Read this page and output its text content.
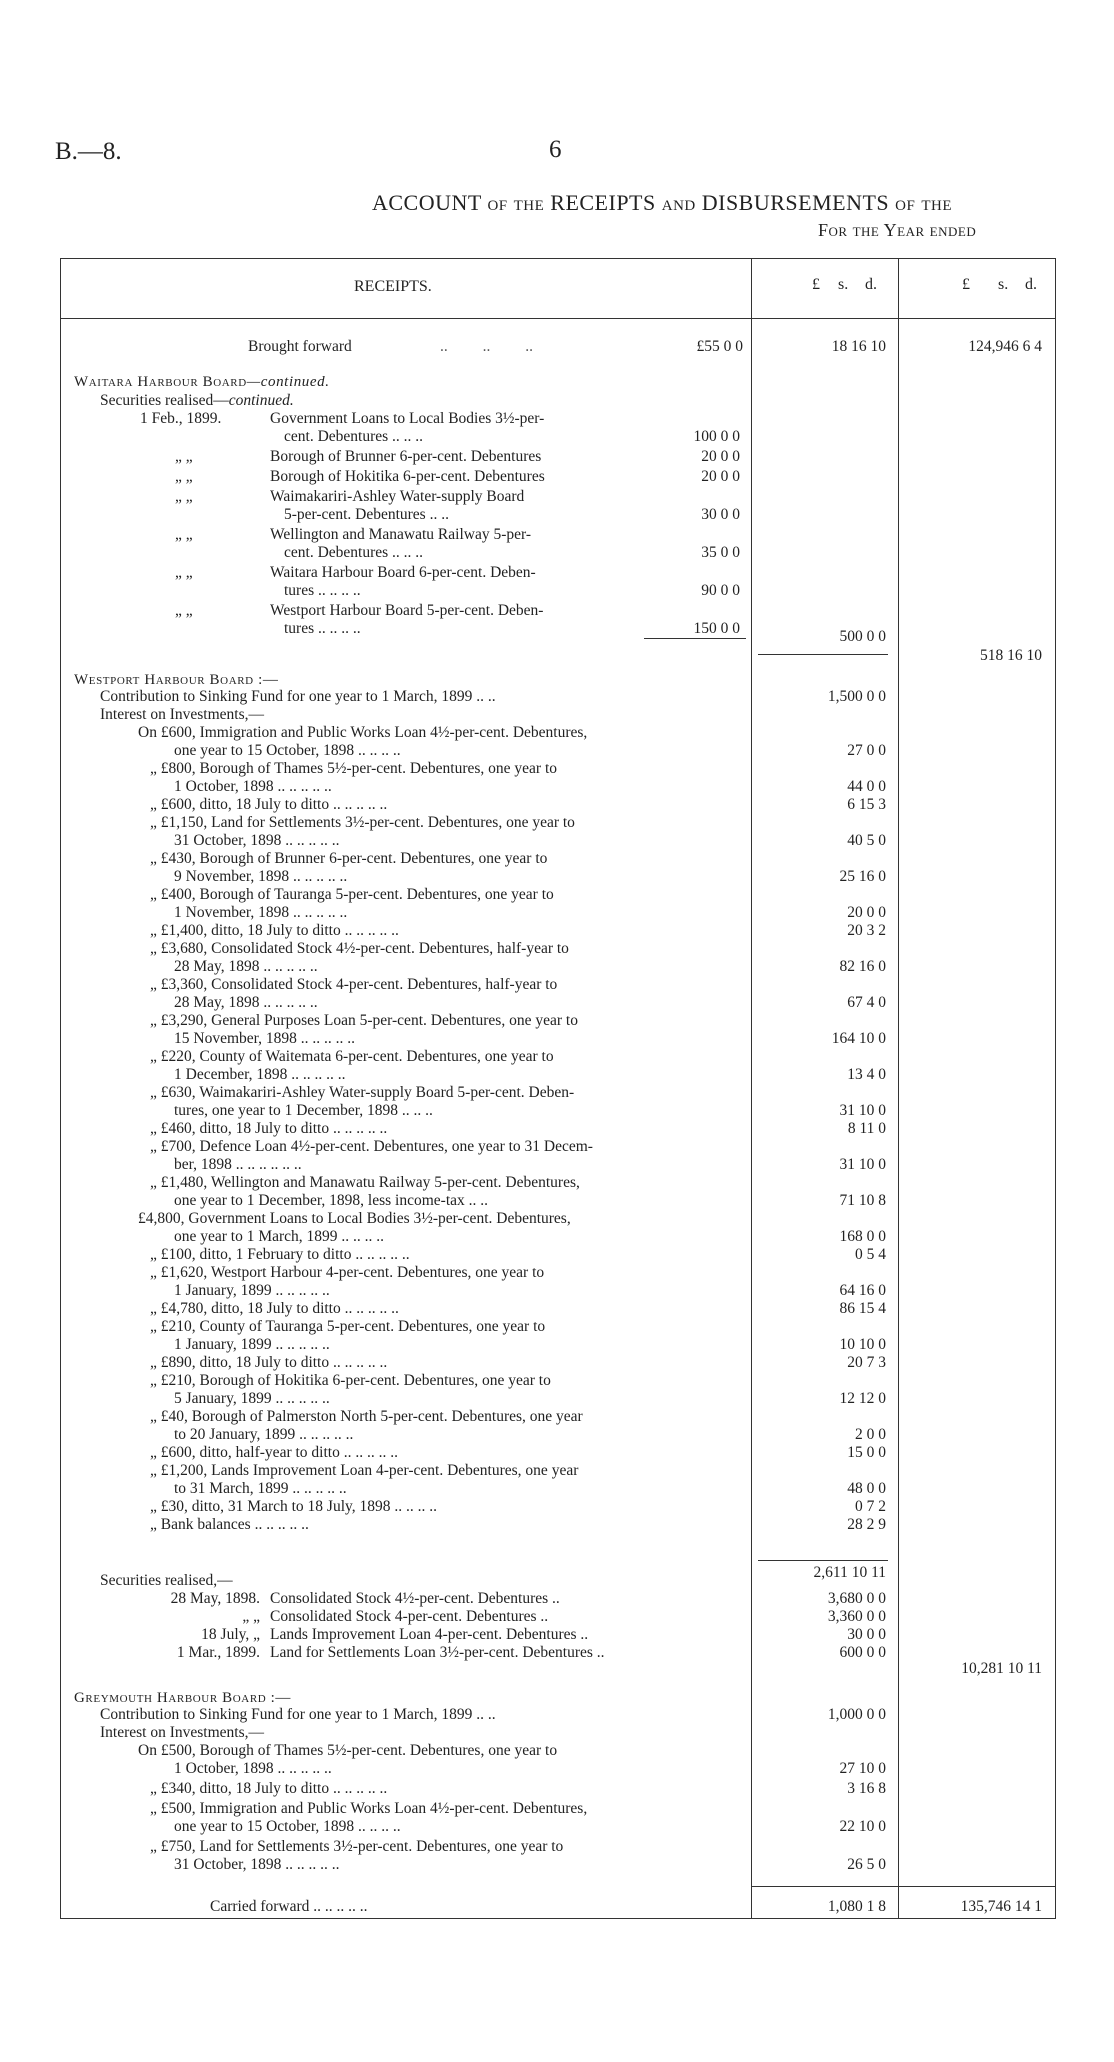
B.—8.	6
ACCOUNT of the RECEIPTS and DISBURSEMENTS of the
For the Year ended
RECEIPTS.	£ s. d.	£ s. d.
Brought forward	..         ..         ..	£55 0 0	18 16 10	124,946 6 4
Waitara Harbour Board—continued.
Securities realised—continued.
1 Feb., 1899.	Government Loans to Local Bodies 3½-per-
cent. Debentures .. .. ..	100 0 0
„ „	Borough of Brunner 6-per-cent. Debentures	20 0 0
„ „	Borough of Hokitika 6-per-cent. Debentures	20 0 0
„ „	Waimakariri-Ashley Water-supply Board
5-per-cent. Debentures .. ..	30 0 0
„ „	Wellington and Manawatu Railway 5-per-
cent. Debentures .. .. ..	35 0 0
„ „	Waitara Harbour Board 6-per-cent. Deben-
tures .. .. .. ..	90 0 0
„ „	Westport Harbour Board 5-per-cent. Deben-
tures .. .. .. ..	150 0 0	500 0 0
518 16 10
Westport Harbour Board :—
Contribution to Sinking Fund for one year to 1 March, 1899 .. ..	1,500 0 0
Interest on Investments,—
On £600, Immigration and Public Works Loan 4½-per-cent. Debentures,
one year to 15 October, 1898 .. .. .. ..	27 0 0
„ £800, Borough of Thames 5½-per-cent. Debentures, one year to
1 October, 1898 .. .. .. .. ..	44 0 0
„ £600, ditto, 18 July to ditto .. .. .. .. ..	6 15 3
„ £1,150, Land for Settlements 3½-per-cent. Debentures, one year to
31 October, 1898 .. .. .. .. ..	40 5 0
„ £430, Borough of Brunner 6-per-cent. Debentures, one year to
9 November, 1898 .. .. .. .. ..	25 16 0
„ £400, Borough of Tauranga 5-per-cent. Debentures, one year to
1 November, 1898 .. .. .. .. ..	20 0 0
„ £1,400, ditto, 18 July to ditto .. .. .. .. ..	20 3 2
„ £3,680, Consolidated Stock 4½-per-cent. Debentures, half-year to
28 May, 1898 .. .. .. .. ..	82 16 0
„ £3,360, Consolidated Stock 4-per-cent. Debentures, half-year to
28 May, 1898 .. .. .. .. ..	67 4 0
„ £3,290, General Purposes Loan 5-per-cent. Debentures, one year to
15 November, 1898 .. .. .. .. ..	164 10 0
„ £220, County of Waitemata 6-per-cent. Debentures, one year to
1 December, 1898 .. .. .. .. ..	13 4 0
„ £630, Waimakariri-Ashley Water-supply Board 5-per-cent. Deben-
tures, one year to 1 December, 1898 .. .. ..	31 10 0
„ £460, ditto, 18 July to ditto .. .. .. .. ..	8 11 0
„ £700, Defence Loan 4½-per-cent. Debentures, one year to 31 Decem-
ber, 1898 .. .. .. .. .. ..	31 10 0
„ £1,480, Wellington and Manawatu Railway 5-per-cent. Debentures,
one year to 1 December, 1898, less income-tax .. ..	71 10 8
£4,800, Government Loans to Local Bodies 3½-per-cent. Debentures,
one year to 1 March, 1899 .. .. .. ..	168 0 0
„ £100, ditto, 1 February to ditto .. .. .. .. ..	0 5 4
„ £1,620, Westport Harbour 4-per-cent. Debentures, one year to
1 January, 1899 .. .. .. .. ..	64 16 0
„ £4,780, ditto, 18 July to ditto .. .. .. .. ..	86 15 4
„ £210, County of Tauranga 5-per-cent. Debentures, one year to
1 January, 1899 .. .. .. .. ..	10 10 0
„ £890, ditto, 18 July to ditto .. .. .. .. ..	20 7 3
„ £210, Borough of Hokitika 6-per-cent. Debentures, one year to
5 January, 1899 .. .. .. .. ..	12 12 0
„ £40, Borough of Palmerston North 5-per-cent. Debentures, one year
to 20 January, 1899 .. .. .. .. ..	2 0 0
„ £600, ditto, half-year to ditto .. .. .. .. ..	15 0 0
„ £1,200, Lands Improvement Loan 4-per-cent. Debentures, one year
to 31 March, 1899 .. .. .. .. ..	48 0 0
„ £30, ditto, 31 March to 18 July, 1898 .. .. .. ..	0 7 2
„ Bank balances .. .. .. .. ..	28 2 9
2,611 10 11
Securities realised,—
28 May, 1898. Consolidated Stock 4½-per-cent. Debentures ..	3,680 0 0
„ „ Consolidated Stock 4-per-cent. Debentures ..	3,360 0 0
18 July, „ Lands Improvement Loan 4-per-cent. Debentures ..	30 0 0
1 Mar., 1899. Land for Settlements Loan 3½-per-cent. Debentures ..	600 0 0
10,281 10 11
Greymouth Harbour Board :—
Contribution to Sinking Fund for one year to 1 March, 1899 .. ..	1,000 0 0
Interest on Investments,—
On £500, Borough of Thames 5½-per-cent. Debentures, one year to
1 October, 1898 .. .. .. .. ..	27 10 0
„ £340, ditto, 18 July to ditto .. .. .. .. ..	3 16 8
„ £500, Immigration and Public Works Loan 4½-per-cent. Debentures,
one year to 15 October, 1898 .. .. .. ..	22 10 0
„ £750, Land for Settlements 3½-per-cent. Debentures, one year to
31 October, 1898 .. .. .. .. ..	26 5 0
Carried forward .. .. .. .. ..	1,080 1 8	135,746 14 1
